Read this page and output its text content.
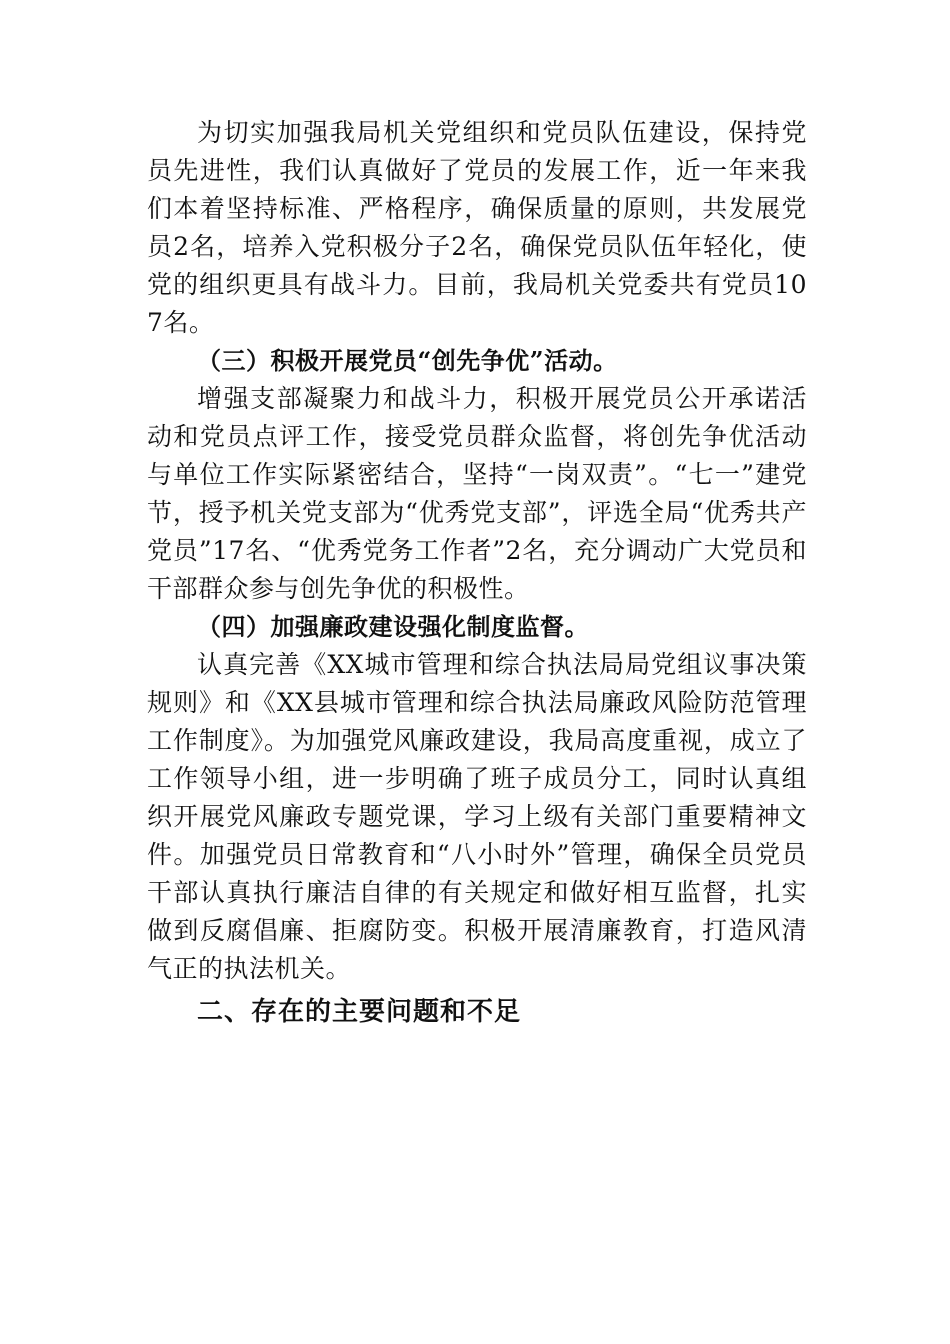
为切实加强我局机关党组织和党员队伍建设，保持党员先进性，我们认真做好了党员的发展工作，近一年来我们本着坚持标准、严格程序，确保质量的原则，共发展党员2名，培养入党积极分子2名，确保党员队伍年轻化，使党的组织更具有战斗力。目前，我局机关党委共有党员107名。

（三）积极开展党员“创先争优”活动。

增强支部凝聚力和战斗力，积极开展党员公开承诺活动和党员点评工作，接受党员群众监督，将创先争优活动与单位工作实际紧密结合，坚持“一岗双责”。“七一”建党节，授予机关党支部为“优秀党支部”，评选全局“优秀共产党员”17名、“优秀党务工作者”2名，充分调动广大党员和干部群众参与创先争优的积极性。

（四）加强廉政建设强化制度监督。

认真完善《XX城市管理和综合执法局局党组议事决策规则》和《XX县城市管理和综合执法局廉政风险防范管理工作制度》。为加强党风廉政建设，我局高度重视，成立了工作领导小组，进一步明确了班子成员分工，同时认真组织开展党风廉政专题党课，学习上级有关部门重要精神文件。加强党员日常教育和“八小时外”管理，确保全员党员干部认真执行廉洁自律的有关规定和做好相互监督，扎实做到反腐倡廉、拒腐防变。积极开展清廉教育，打造风清气正的执法机关。

二、存在的主要问题和不足
